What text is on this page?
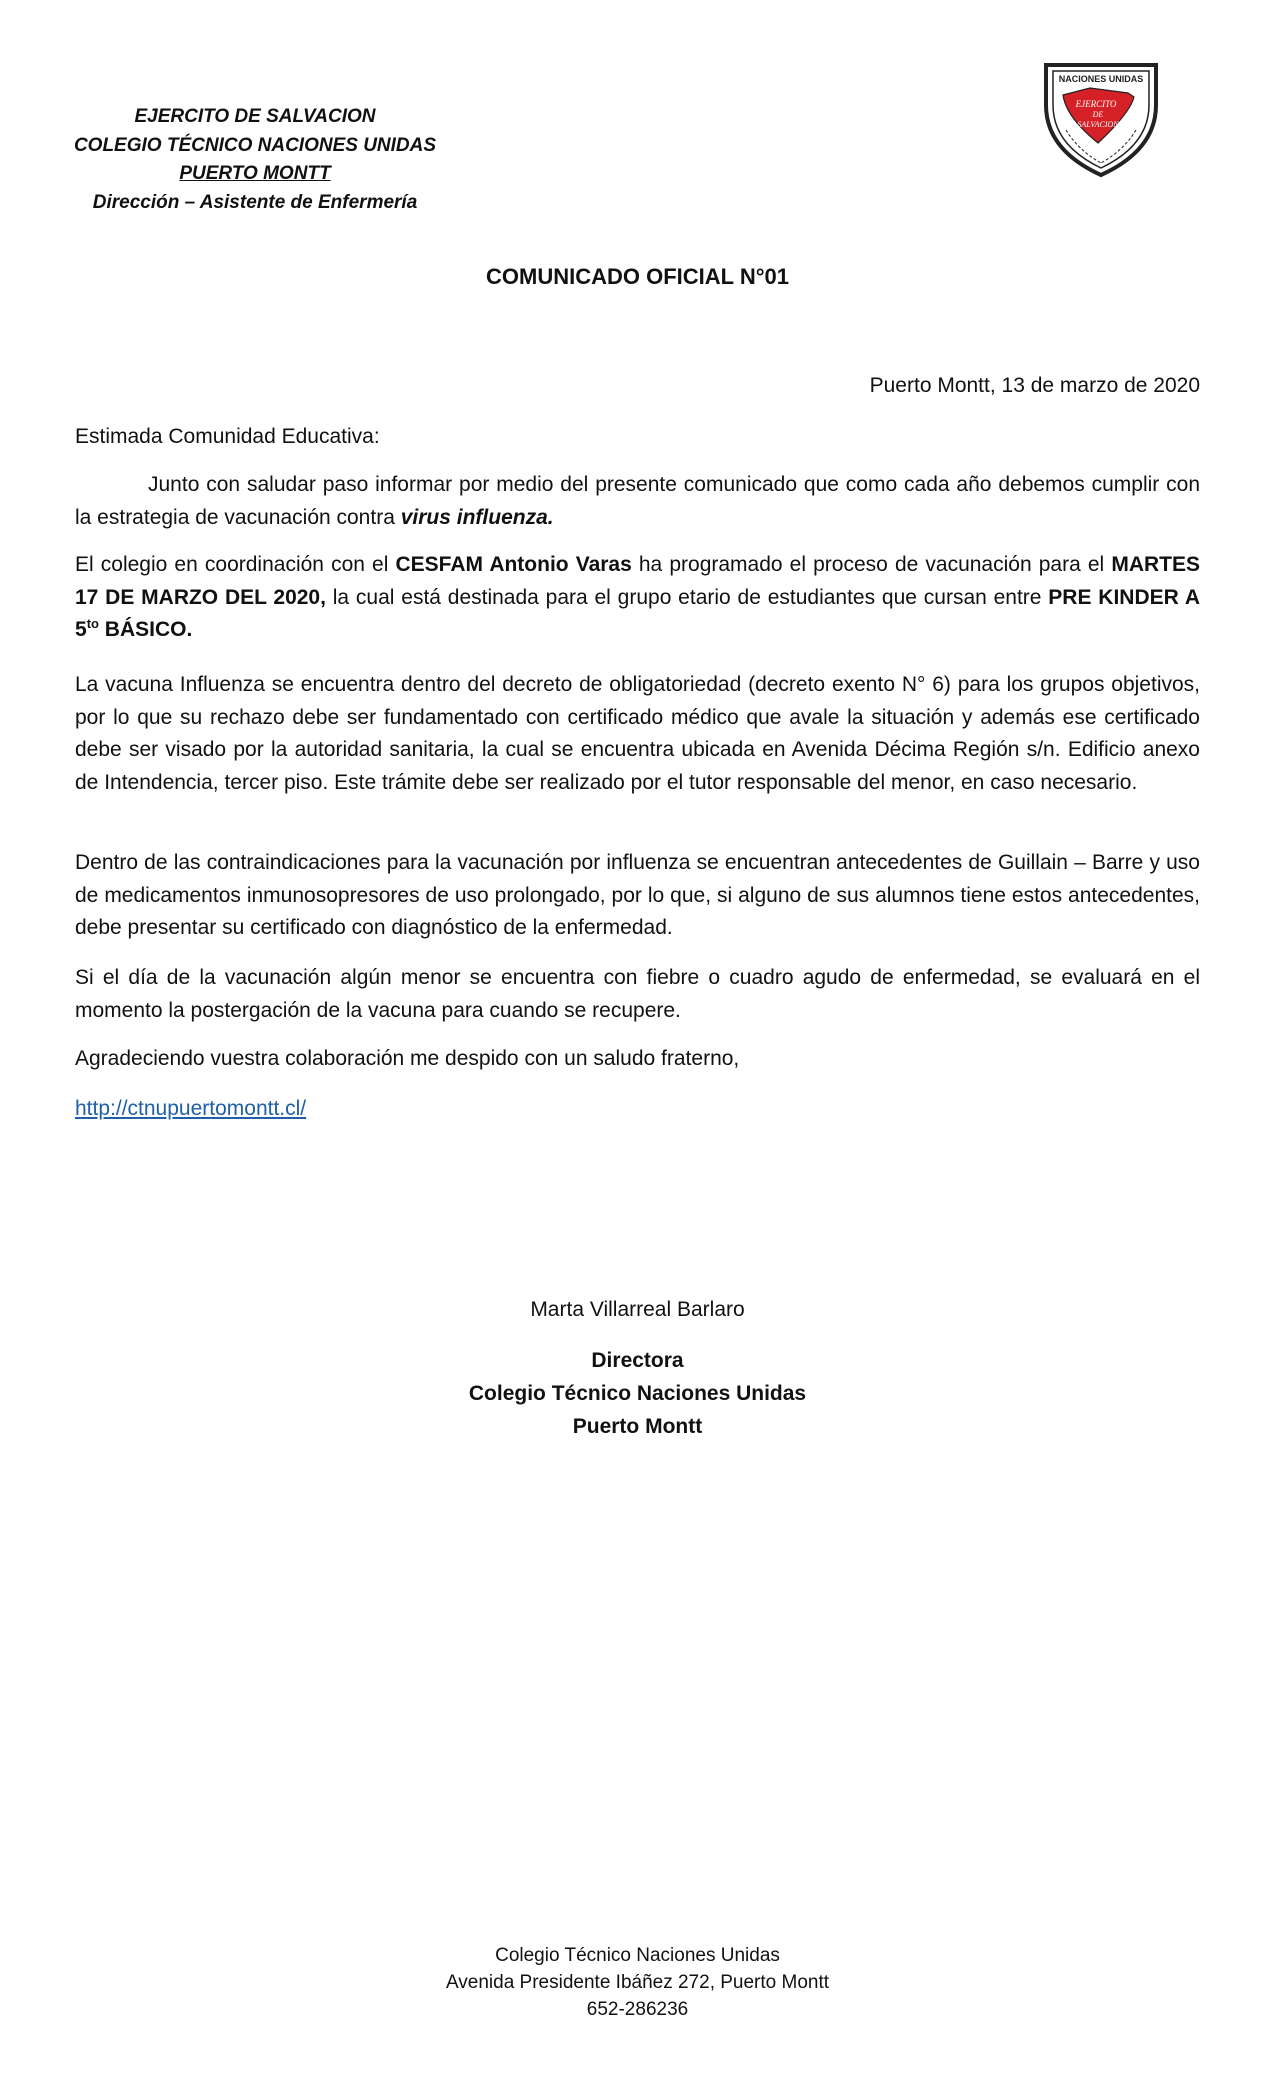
EJERCITO DE SALVACION
COLEGIO TÉCNICO NACIONES UNIDAS
PUERTO MONTT
Dirección – Asistente de Enfermería
NACIONES UNIDAS
EJERCITO
DE
SALVACION
COMUNICADO OFICIAL N°01
Puerto Montt, 13 de marzo de 2020

Estimada Comunidad Educativa:

Junto con saludar paso informar por medio del presente comunicado que como cada año debemos cumplir con la estrategia de vacunación contra virus influenza.

El colegio en coordinación con el CESFAM Antonio Varas ha programado el proceso de vacunación para el MARTES 17 DE MARZO DEL 2020, la cual está destinada para el grupo etario de estudiantes que cursan entre PRE KINDER A $5^{to}$ BÁSICO.

La vacuna Influenza se encuentra dentro del decreto de obligatoriedad (decreto exento N° 6) para los grupos objetivos, por lo que su rechazo debe ser fundamentado con certificado médico que avale la situación y además ese certificado debe ser visado por la autoridad sanitaria, la cual se encuentra ubicada en Avenida Décima Región s/n. Edificio anexo de Intendencia, tercer piso. Este trámite debe ser realizado por el tutor responsable del menor, en caso necesario.

Dentro de las contraindicaciones para la vacunación por influenza se encuentran antecedentes de Guillain – Barre y uso de medicamentos inmunosopresores de uso prolongado, por lo que, si alguno de sus alumnos tiene estos antecedentes, debe presentar su certificado con diagnóstico de la enfermedad.

Si el día de la vacunación algún menor se encuentra con fiebre o cuadro agudo de enfermedad, se evaluará en el momento la postergación de la vacuna para cuando se recupere.

Agradeciendo vuestra colaboración me despido con un saludo fraterno,

http://ctnupuertomontt.cl/
Marta Villarreal Barlaro
Directora
Colegio Técnico Naciones Unidas
Puerto Montt
Colegio Técnico Naciones Unidas
Avenida Presidente Ibáñez 272, Puerto Montt
652-286236
